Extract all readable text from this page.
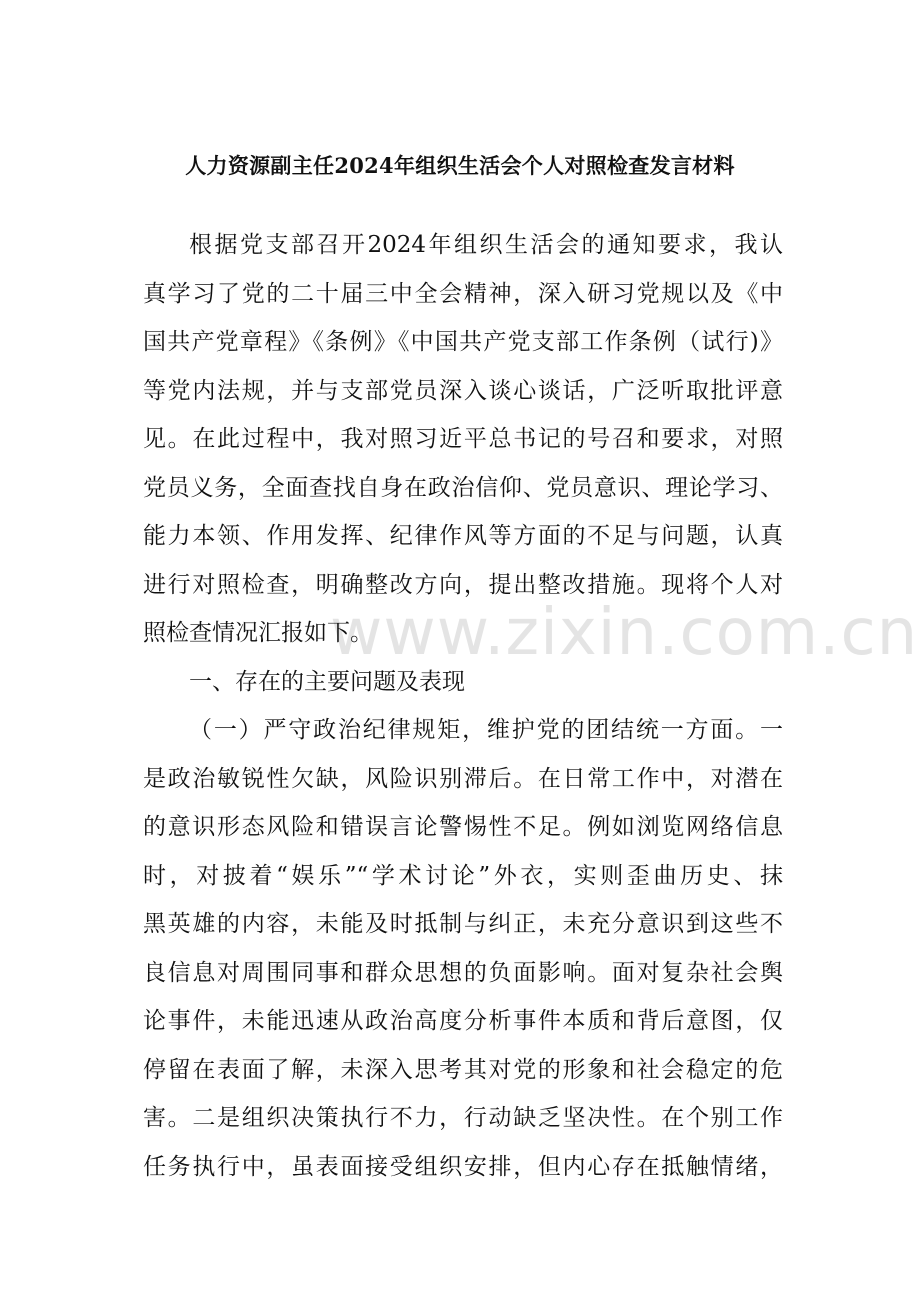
www.zixin.com.cn
人力资源副主任2024年组织生活会个人对照检查发言材料
根据党支部召开2024年组织生活会的通知要求，我认
真学习了党的二十届三中全会精神，深入研习党规以及《中
国共产党章程》《条例》《中国共产党支部工作条例（试行)》
等党内法规，并与支部党员深入谈心谈话，广泛听取批评意
见。在此过程中，我对照习近平总书记的号召和要求，对照
党员义务，全面查找自身在政治信仰、党员意识、理论学习、
能力本领、作用发挥、纪律作风等方面的不足与问题，认真
进行对照检查，明确整改方向，提出整改措施。现将个人对
照检查情况汇报如下。
一、存在的主要问题及表现
（一）严守政治纪律规矩，维护党的团结统一方面。一
是政治敏锐性欠缺，风险识别滞后。在日常工作中，对潜在
的意识形态风险和错误言论警惕性不足。例如浏览网络信息
时，对披着“娱乐”“学术讨论”外衣，实则歪曲历史、抹
黑英雄的内容，未能及时抵制与纠正，未充分意识到这些不
良信息对周围同事和群众思想的负面影响。面对复杂社会舆
论事件，未能迅速从政治高度分析事件本质和背后意图，仅
停留在表面了解，未深入思考其对党的形象和社会稳定的危
害。二是组织决策执行不力，行动缺乏坚决性。在个别工作
任务执行中，虽表面接受组织安排，但内心存在抵触情绪，
